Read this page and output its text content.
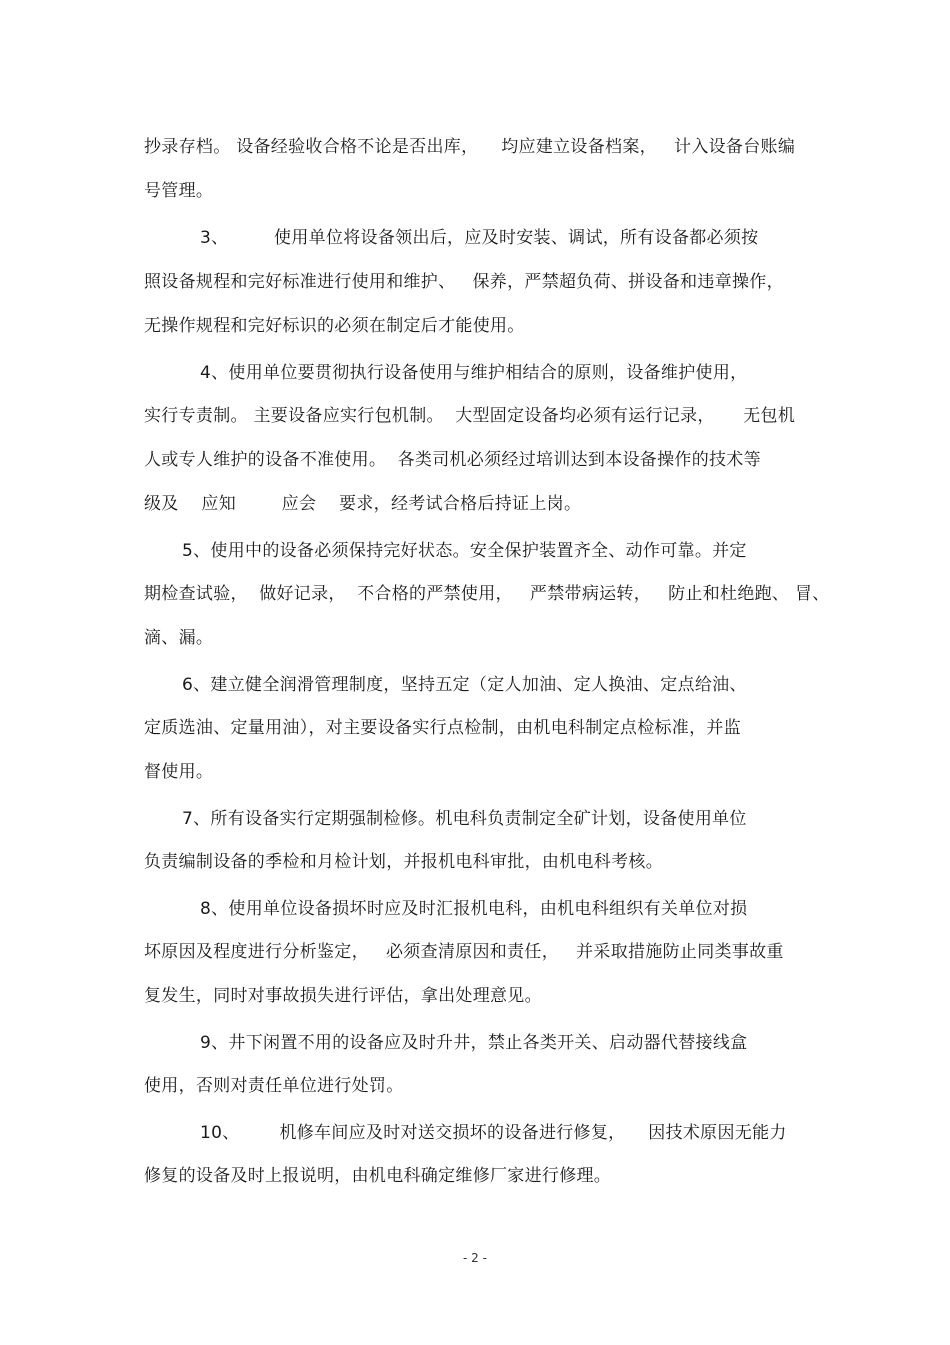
抄录存档。 设备经验收合格不论是否出库，    均应建立设备档案，   计入设备台账编
号管理。
3、        使用单位将设备领出后，应及时安装、调试，所有设备都必须按
照设备规程和完好标准进行使用和维护、   保养，严禁超负荷、拼设备和违章操作，
无操作规程和完好标识的必须在制定后才能使用。
4、使用单位要贯彻执行设备使用与维护相结合的原则，设备维护使用，
实行专责制。 主要设备应实行包机制。  大型固定设备均必须有运行记录，     无包机
人或专人维护的设备不准使用。  各类司机必须经过培训达到本设备操作的技术等
级及    应知        应会    要求，经考试合格后持证上岗。
5、使用中的设备必须保持完好状态。安全保护装置齐全、动作可靠。并定
期检查试验，  做好记录，  不合格的严禁使用，   严禁带病运转，   防止和杜绝跑、 冒、
滴、漏。
6、建立健全润滑管理制度，坚持五定（定人加油、定人换油、定点给油、
定质选油、定量用油），对主要设备实行点检制，由机电科制定点检标准，并监
督使用。
7、所有设备实行定期强制检修。机电科负责制定全矿计划，设备使用单位
负责编制设备的季检和月检计划，并报机电科审批，由机电科考核。
8、使用单位设备损坏时应及时汇报机电科，由机电科组织有关单位对损
坏原因及程度进行分析鉴定，   必须查清原因和责任，   并采取措施防止同类事故重
复发生，同时对事故损失进行评估，拿出处理意见。
9、井下闲置不用的设备应及时升井，禁止各类开关、启动器代替接线盒
使用，否则对责任单位进行处罚。
10、       机修车间应及时对送交损坏的设备进行修复，    因技术原因无能力
修复的设备及时上报说明，由机电科确定维修厂家进行修理。
- 2 -
